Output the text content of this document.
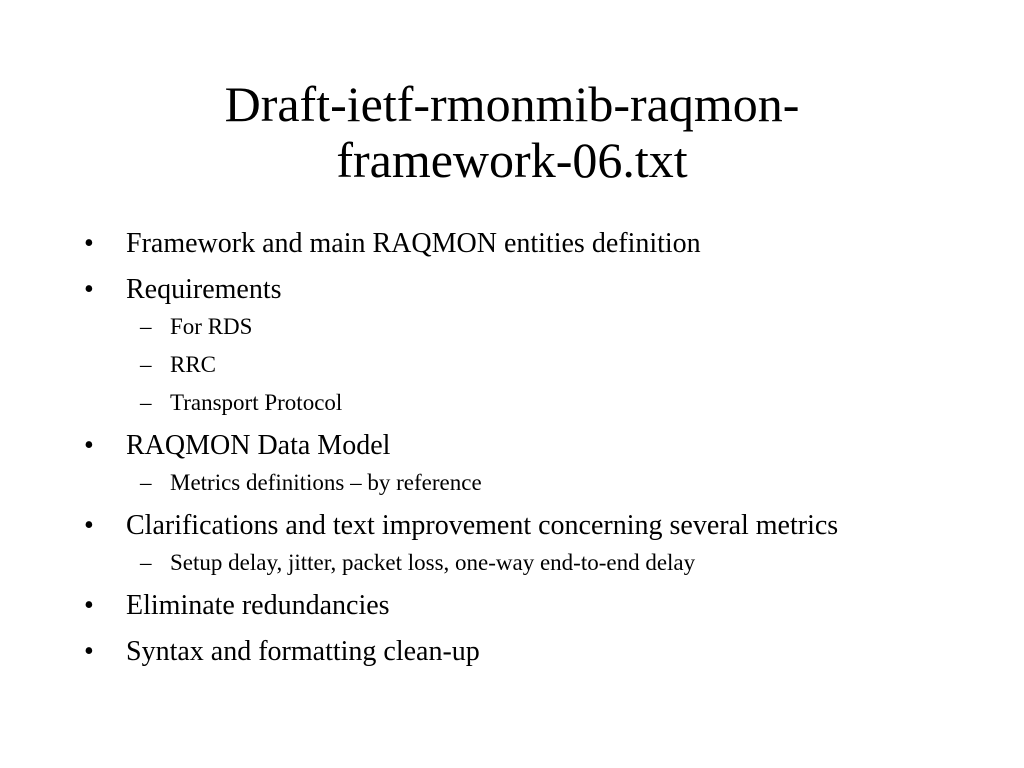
Draft-ietf-rmonmib-raqmon-
framework-06.txt
• Framework and main RAQMON entities definition
• Requirements
– For RDS
– RRC
– Transport Protocol
• RAQMON Data Model
– Metrics definitions – by reference
• Clarifications and text improvement concerning several metrics
– Setup delay, jitter, packet loss, one-way end-to-end delay
• Eliminate redundancies
• Syntax and formatting clean-up
